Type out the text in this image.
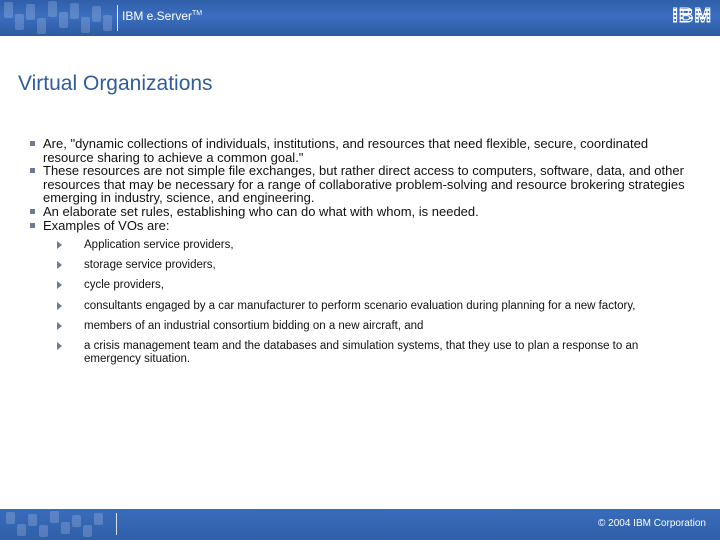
IBM e.Server™	IBM
Virtual Organizations
Are, "dynamic collections of individuals, institutions, and resources that need flexible, secure, coordinated resource sharing to achieve a common goal."
These resources are not simple file exchanges, but rather direct access to computers, software, data, and other resources that may be necessary for a range of collaborative problem-solving and resource brokering strategies emerging in industry, science, and engineering.
An elaborate set rules, establishing who can do what with whom, is needed.
Examples of VOs are:
Application service providers,
storage service providers,
cycle providers,
consultants engaged by a car manufacturer to perform scenario evaluation during planning for a new factory,
members of an industrial consortium bidding on a new aircraft, and
a crisis management team and the databases and simulation systems, that they use to plan a response to an emergency situation.
© 2004 IBM Corporation
